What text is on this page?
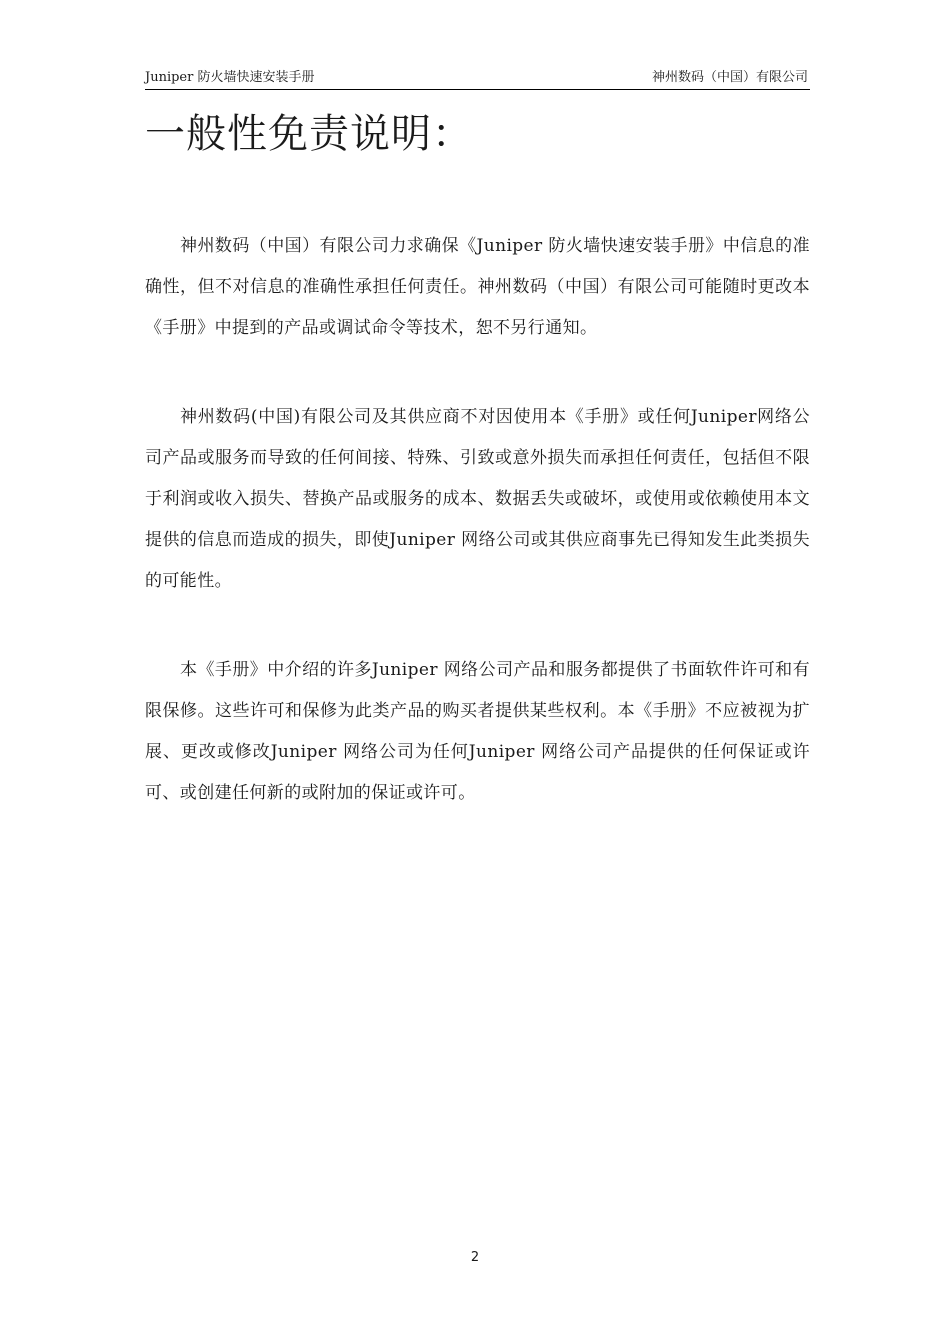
Juniper 防火墙快速安装手册	神州数码（中国）有限公司
一般性免责说明：

神州数码（中国）有限公司力求确保《Juniper 防火墙快速安装手册》中信息的准确性，但不对信息的准确性承担任何责任。神州数码（中国）有限公司可能随时更改本《手册》中提到的产品或调试命令等技术，恕不另行通知。

神州数码(中国)有限公司及其供应商不对因使用本《手册》或任何Juniper网络公司产品或服务而导致的任何间接、特殊、引致或意外损失而承担任何责任，包括但不限于利润或收入损失、替换产品或服务的成本、数据丢失或破坏，或使用或依赖使用本文提供的信息而造成的损失，即使Juniper 网络公司或其供应商事先已得知发生此类损失的可能性。

本《手册》中介绍的许多Juniper 网络公司产品和服务都提供了书面软件许可和有限保修。这些许可和保修为此类产品的购买者提供某些权利。本《手册》不应被视为扩展、更改或修改Juniper 网络公司为任何Juniper 网络公司产品提供的任何保证或许可、或创建任何新的或附加的保证或许可。

2
